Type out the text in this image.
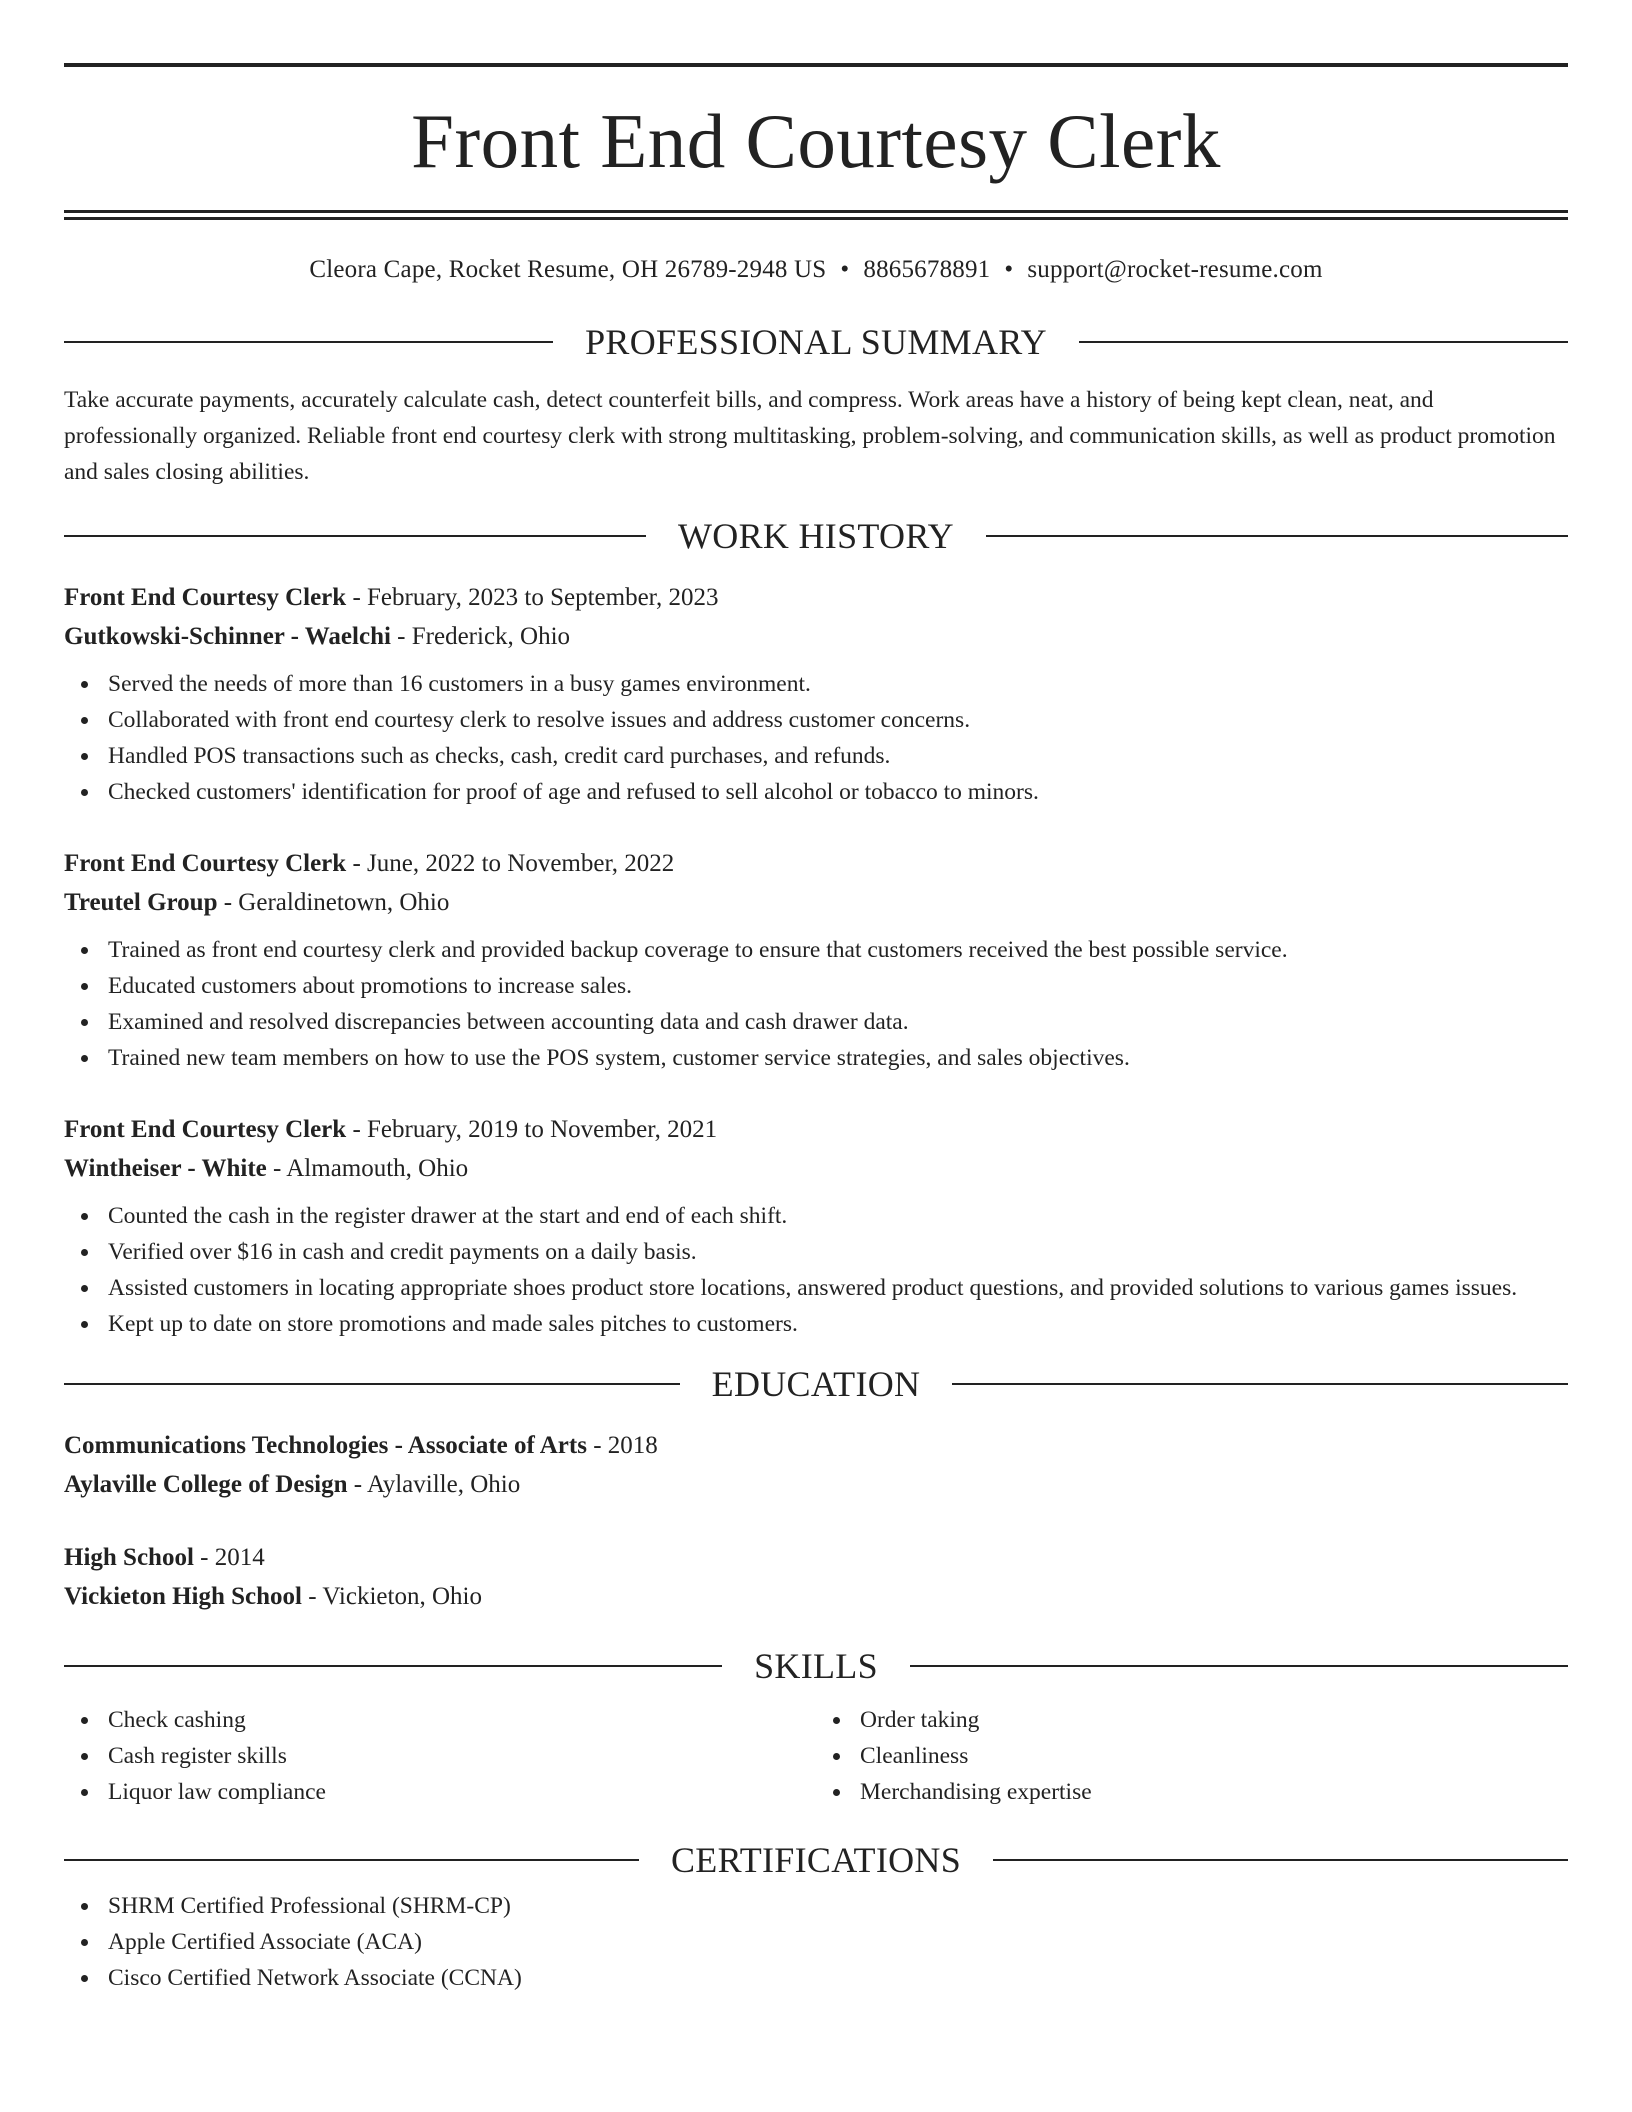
Front End Courtesy Clerk
Cleora Cape, Rocket Resume, OH 26789-2948 US • 8865678891 • support@rocket-resume.com
PROFESSIONAL SUMMARY

Take accurate payments, accurately calculate cash, detect counterfeit bills, and compress. Work areas have a history of being kept clean, neat, and professionally organized. Reliable front end courtesy clerk with strong multitasking, problem-solving, and communication skills, as well as product promotion and sales closing abilities.

WORK HISTORY
Front End Courtesy Clerk - February, 2023 to September, 2023
Gutkowski-Schinner - Waelchi - Frederick, Ohio
Served the needs of more than 16 customers in a busy games environment.
Collaborated with front end courtesy clerk to resolve issues and address customer concerns.
Handled POS transactions such as checks, cash, credit card purchases, and refunds.
Checked customers' identification for proof of age and refused to sell alcohol or tobacco to minors.
Front End Courtesy Clerk - June, 2022 to November, 2022
Treutel Group - Geraldinetown, Ohio
Trained as front end courtesy clerk and provided backup coverage to ensure that customers received the best possible service.
Educated customers about promotions to increase sales.
Examined and resolved discrepancies between accounting data and cash drawer data.
Trained new team members on how to use the POS system, customer service strategies, and sales objectives.
Front End Courtesy Clerk - February, 2019 to November, 2021
Wintheiser - White - Almamouth, Ohio
Counted the cash in the register drawer at the start and end of each shift.
Verified over $16 in cash and credit payments on a daily basis.
Assisted customers in locating appropriate shoes product store locations, answered product questions, and provided solutions to various games issues.
Kept up to date on store promotions and made sales pitches to customers.
EDUCATION
Communications Technologies - Associate of Arts - 2018
Aylaville College of Design - Aylaville, Ohio
High School - 2014
Vickieton High School - Vickieton, Ohio
SKILLS
Check cashing
Cash register skills
Liquor law compliance
Order taking
Cleanliness
Merchandising expertise
CERTIFICATIONS
SHRM Certified Professional (SHRM-CP)
Apple Certified Associate (ACA)
Cisco Certified Network Associate (CCNA)
